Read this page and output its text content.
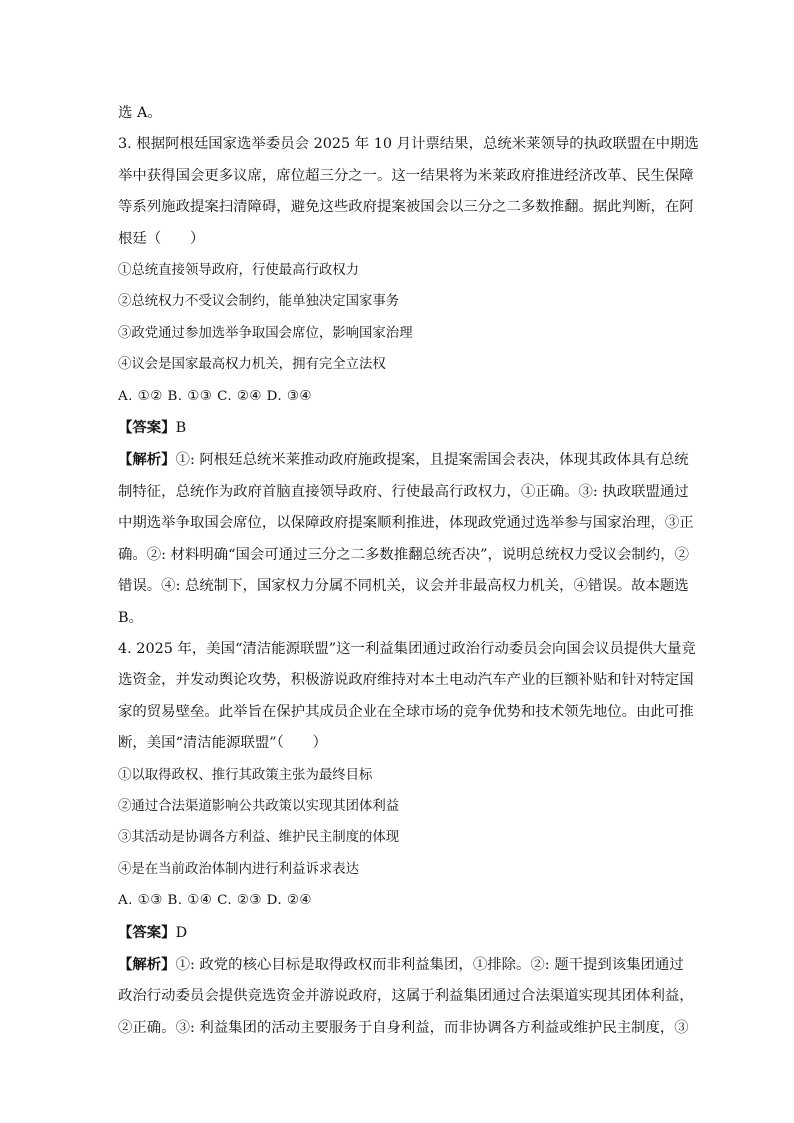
选 A。

3. 根据阿根廷国家选举委员会 2025 年 10 月计票结果，总统米莱领导的执政联盟在中期选
举中获得国会更多议席，席位超三分之一。这一结果将为米莱政府推进经济改革、民生保障
等系列施政提案扫清障碍，避免这些政府提案被国会以三分之二多数推翻。据此判断，在阿
根廷（　　）

①总统直接领导政府，行使最高行政权力

②总统权力不受议会制约，能单独决定国家事务

③政党通过参加选举争取国会席位，影响国家治理

④议会是国家最高权力机关，拥有完全立法权

A. ①② B. ①③ C. ②④ D. ③④

【答案】B

【解析】①: 阿根廷总统米莱推动政府施政提案，且提案需国会表决，体现其政体具有总统
制特征，总统作为政府首脑直接领导政府、行使最高行政权力，①正确。③: 执政联盟通过
中期选举争取国会席位，以保障政府提案顺利推进，体现政党通过选举参与国家治理，③正
确。②: 材料明确“国会可通过三分之二多数推翻总统否决”，说明总统权力受议会制约，②
错误。④: 总统制下，国家权力分属不同机关，议会并非最高权力机关，④错误。故本题选
B。
4. 2025 年，美国“清洁能源联盟”这一利益集团通过政治行动委员会向国会议员提供大量竞
选资金，并发动舆论攻势，积极游说政府维持对本土电动汽车产业的巨额补贴和针对特定国
家的贸易壁垒。此举旨在保护其成员企业在全球市场的竞争优势和技术领先地位。由此可推
断，美国“清洁能源联盟”（　　）

①以取得政权、推行其政策主张为最终目标

②通过合法渠道影响公共政策以实现其团体利益

③其活动是协调各方利益、维护民主制度的体现

④是在当前政治体制内进行利益诉求表达

A. ①③ B. ①④ C. ②③ D. ②④

【答案】D

【解析】①: 政党的核心目标是取得政权而非利益集团，①排除。②: 题干提到该集团通过
政治行动委员会提供竞选资金并游说政府，这属于利益集团通过合法渠道实现其团体利益，
②正确。③: 利益集团的活动主要服务于自身利益，而非协调各方利益或维护民主制度，③
